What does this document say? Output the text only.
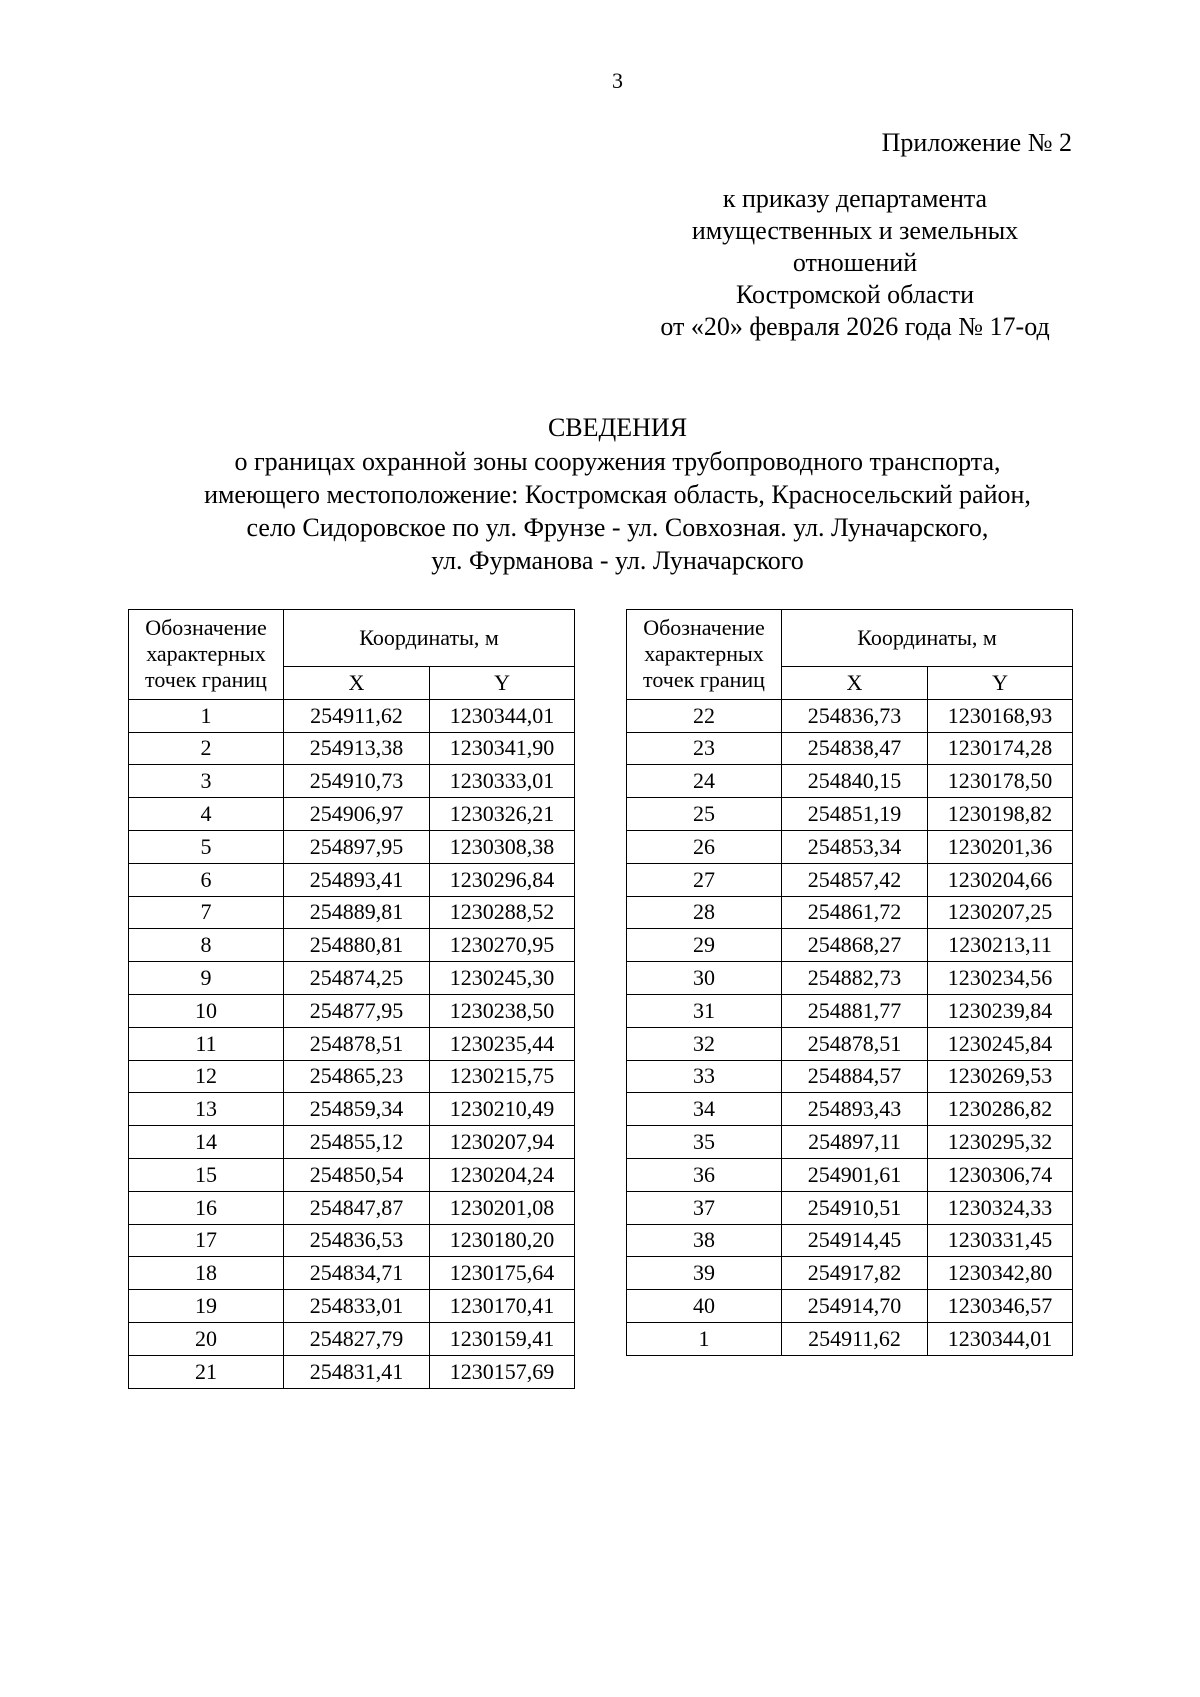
3
Приложение № 2
к приказу департамента
имущественных и земельных
отношений
Костромской области
от «20» февраля 2026 года № 17-од
СВЕДЕНИЯ
о границах охранной зоны сооружения трубопроводного транспорта,
имеющего местоположение: Костромская область, Красносельский район,
село Сидоровское по ул. Фрунзе - ул. Совхозная. ул. Луначарского,
ул. Фурманова - ул. Луначарского
Обозначение характерных точек границ	Координаты, м	
	X	Y
1	254911,62	1230344,01
2	254913,38	1230341,90
3	254910,73	1230333,01
4	254906,97	1230326,21
5	254897,95	1230308,38
6	254893,41	1230296,84
7	254889,81	1230288,52
8	254880,81	1230270,95
9	254874,25	1230245,30
10	254877,95	1230238,50
11	254878,51	1230235,44
12	254865,23	1230215,75
13	254859,34	1230210,49
14	254855,12	1230207,94
15	254850,54	1230204,24
16	254847,87	1230201,08
17	254836,53	1230180,20
18	254834,71	1230175,64
19	254833,01	1230170,41
20	254827,79	1230159,41
21	254831,41	1230157,69
Обозначение характерных точек границ	Координаты, м	
	X	Y
22	254836,73	1230168,93
23	254838,47	1230174,28
24	254840,15	1230178,50
25	254851,19	1230198,82
26	254853,34	1230201,36
27	254857,42	1230204,66
28	254861,72	1230207,25
29	254868,27	1230213,11
30	254882,73	1230234,56
31	254881,77	1230239,84
32	254878,51	1230245,84
33	254884,57	1230269,53
34	254893,43	1230286,82
35	254897,11	1230295,32
36	254901,61	1230306,74
37	254910,51	1230324,33
38	254914,45	1230331,45
39	254917,82	1230342,80
40	254914,70	1230346,57
1	254911,62	1230344,01
